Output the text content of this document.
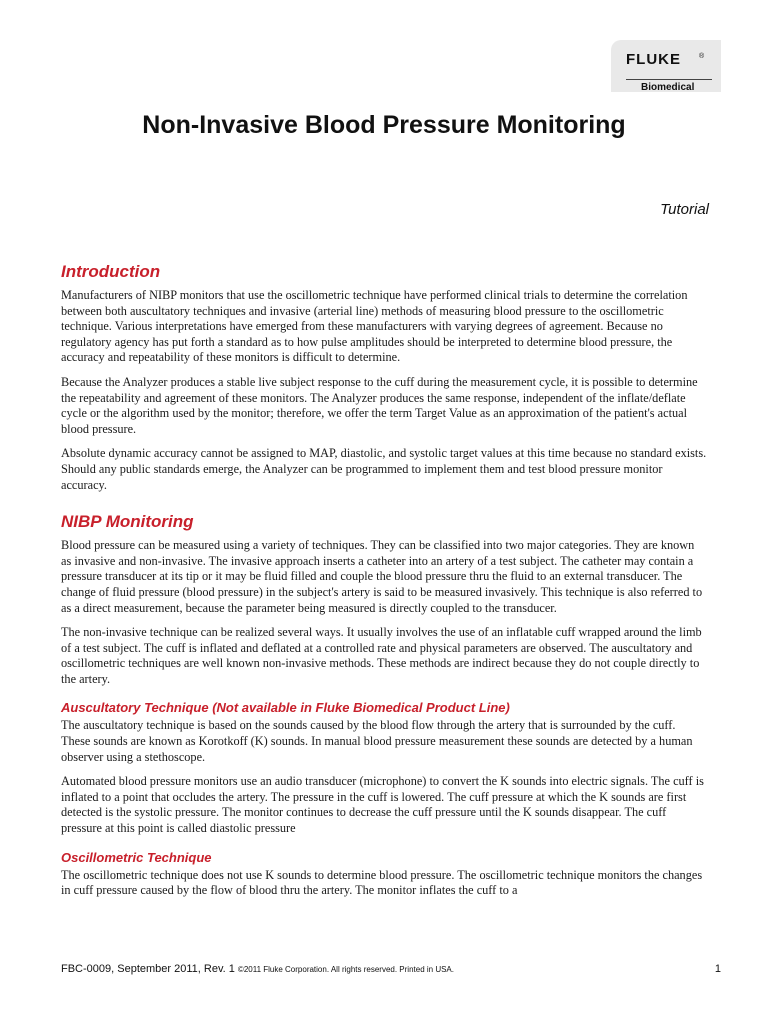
FLUKE	®
Biomedical
Non-Invasive Blood Pressure Monitoring
Tutorial
Introduction

Manufacturers of NIBP monitors that use the oscillometric technique have performed clinical trials to determine the correlation between both auscultatory techniques and invasive (arterial line) methods of measuring blood pressure to the oscillometric technique. Various interpretations have emerged from these manufacturers with varying degrees of agreement. Because no regulatory agency has put forth a standard as to how pulse amplitudes should be interpreted to determine blood pressure, the accuracy and repeatability of these monitors is difficult to determine.

Because the Analyzer produces a stable live subject response to the cuff during the measurement cycle, it is possible to determine the repeatability and agreement of these monitors. The Analyzer produces the same response, independent of the inflate/deflate cycle or the algorithm used by the monitor; therefore, we offer the term Target Value as an approximation of the patient's actual blood pressure.

Absolute dynamic accuracy cannot be assigned to MAP, diastolic, and systolic target values at this time because no standard exists. Should any public standards emerge, the Analyzer can be programmed to implement them and test blood pressure monitor accuracy.

NIBP Monitoring

Blood pressure can be measured using a variety of techniques. They can be classified into two major categories. They are known as invasive and non-invasive. The invasive approach inserts a catheter into an artery of a test subject. The catheter may contain a pressure transducer at its tip or it may be fluid filled and couple the blood pressure thru the fluid to an external transducer. The change of fluid pressure (blood pressure) in the subject's artery is said to be measured invasively. This technique is also referred to as a direct measurement, because the parameter being measured is directly coupled to the transducer.

The non-invasive technique can be realized several ways. It usually involves the use of an inflatable cuff wrapped around the limb of a test subject. The cuff is inflated and deflated at a controlled rate and physical parameters are observed. The auscultatory and oscillometric techniques are well known non-invasive methods. These methods are indirect because they do not couple directly to the artery.

Auscultatory Technique (Not available in Fluke Biomedical Product Line)

The auscultatory technique is based on the sounds caused by the blood flow through the artery that is surrounded by the cuff. These sounds are known as Korotkoff (K) sounds. In manual blood pressure measurement these sounds are detected by a human observer using a stethoscope.

Automated blood pressure monitors use an audio transducer (microphone) to convert the K sounds into electric signals. The cuff is inflated to a point that occludes the artery. The pressure in the cuff is lowered. The cuff pressure at which the K sounds are first detected is the systolic pressure. The monitor continues to decrease the cuff pressure until the K sounds disappear. The cuff pressure at this point is called diastolic pressure

Oscillometric Technique

The oscillometric technique does not use K sounds to determine blood pressure. The oscillometric technique monitors the changes in cuff pressure caused by the flow of blood thru the artery. The monitor inflates the cuff to a

FBC-0009, September 2011, Rev. 1 ©2011 Fluke Corporation. All rights reserved. Printed in USA.	1
